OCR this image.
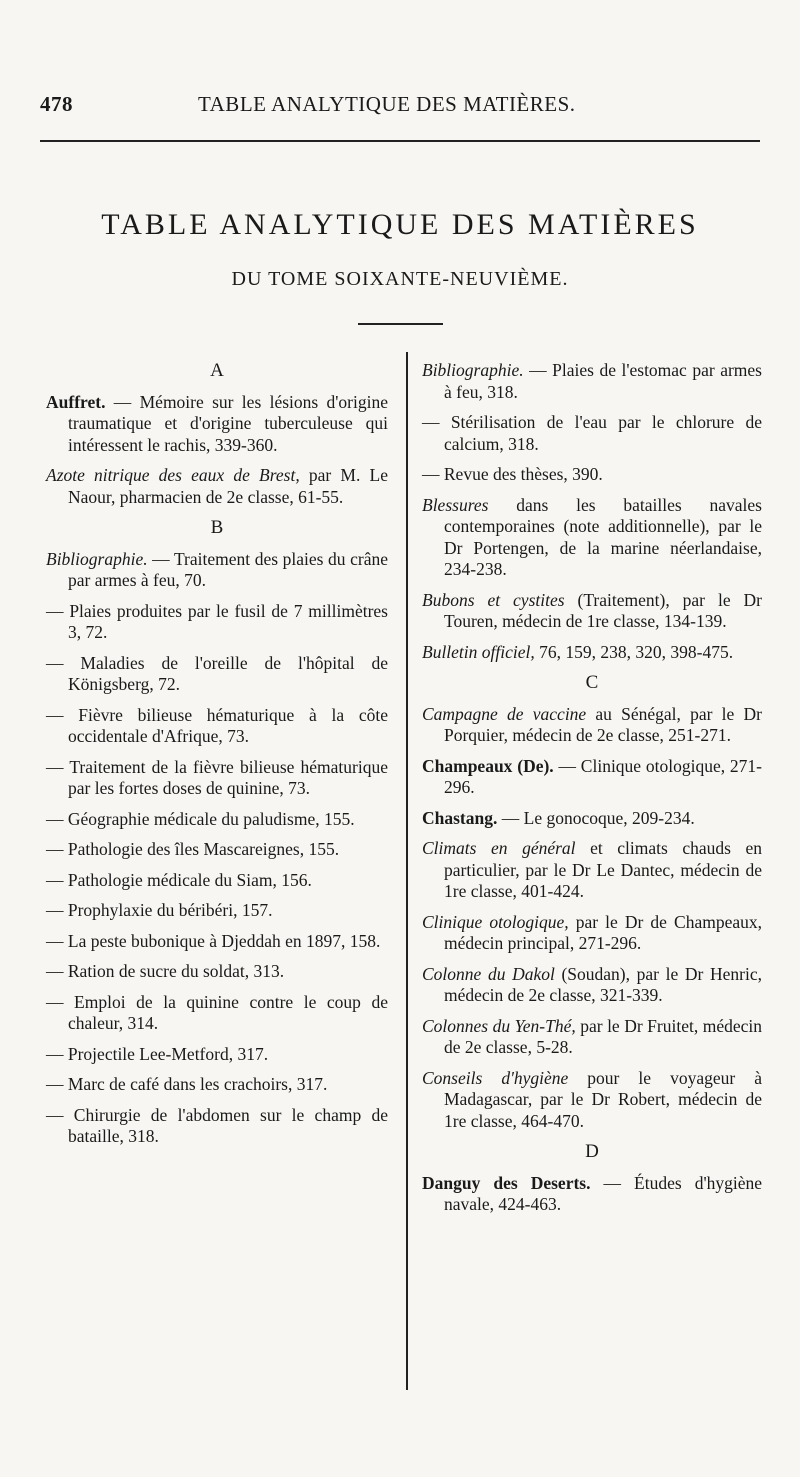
478	TABLE ANALYTIQUE DES MATIÈRES.
TABLE ANALYTIQUE DES MATIÈRES
DU TOME SOIXANTE-NEUVIÈME.
A
Auffret. — Mémoire sur les lésions d'origine traumatique et d'origine tuberculeuse qui intéressent le rachis, 339-360.
Azote nitrique des eaux de Brest, par M. Le Naour, pharmacien de 2e classe, 61-55.
B
Bibliographie. — Traitement des plaies du crâne par armes à feu, 70.
— Plaies produites par le fusil de 7 millimètres 3, 72.
— Maladies de l'oreille de l'hôpital de Königsberg, 72.
— Fièvre bilieuse hématurique à la côte occidentale d'Afrique, 73.
— Traitement de la fièvre bilieuse hématurique par les fortes doses de quinine, 73.
— Géographie médicale du paludisme, 155.
— Pathologie des îles Mascareignes, 155.
— Pathologie médicale du Siam, 156.
— Prophylaxie du béribéri, 157.
— La peste bubonique à Djeddah en 1897, 158.
— Ration de sucre du soldat, 313.
— Emploi de la quinine contre le coup de chaleur, 314.
— Projectile Lee-Metford, 317.
— Marc de café dans les crachoirs, 317.
— Chirurgie de l'abdomen sur le champ de bataille, 318.
Bibliographie. — Plaies de l'estomac par armes à feu, 318.
— Stérilisation de l'eau par le chlorure de calcium, 318.
— Revue des thèses, 390.
Blessures dans les batailles navales contemporaines (note additionnelle), par le Dr Portengen, de la marine néerlandaise, 234-238.
Bubons et cystites (Traitement), par le Dr Touren, médecin de 1re classe, 134-139.
Bulletin officiel, 76, 159, 238, 320, 398-475.
C
Campagne de vaccine au Sénégal, par le Dr Porquier, médecin de 2e classe, 251-271.
Champeaux (De). — Clinique otologique, 271-296.
Chastang. — Le gonocoque, 209-234.
Climats en général et climats chauds en particulier, par le Dr Le Dantec, médecin de 1re classe, 401-424.
Clinique otologique, par le Dr de Champeaux, médecin principal, 271-296.
Colonne du Dakol (Soudan), par le Dr Henric, médecin de 2e classe, 321-339.
Colonnes du Yen-Thé, par le Dr Fruitet, médecin de 2e classe, 5-28.
Conseils d'hygiène pour le voyageur à Madagascar, par le Dr Robert, médecin de 1re classe, 464-470.
D
Danguy des Deserts. — Études d'hygiène navale, 424-463.
